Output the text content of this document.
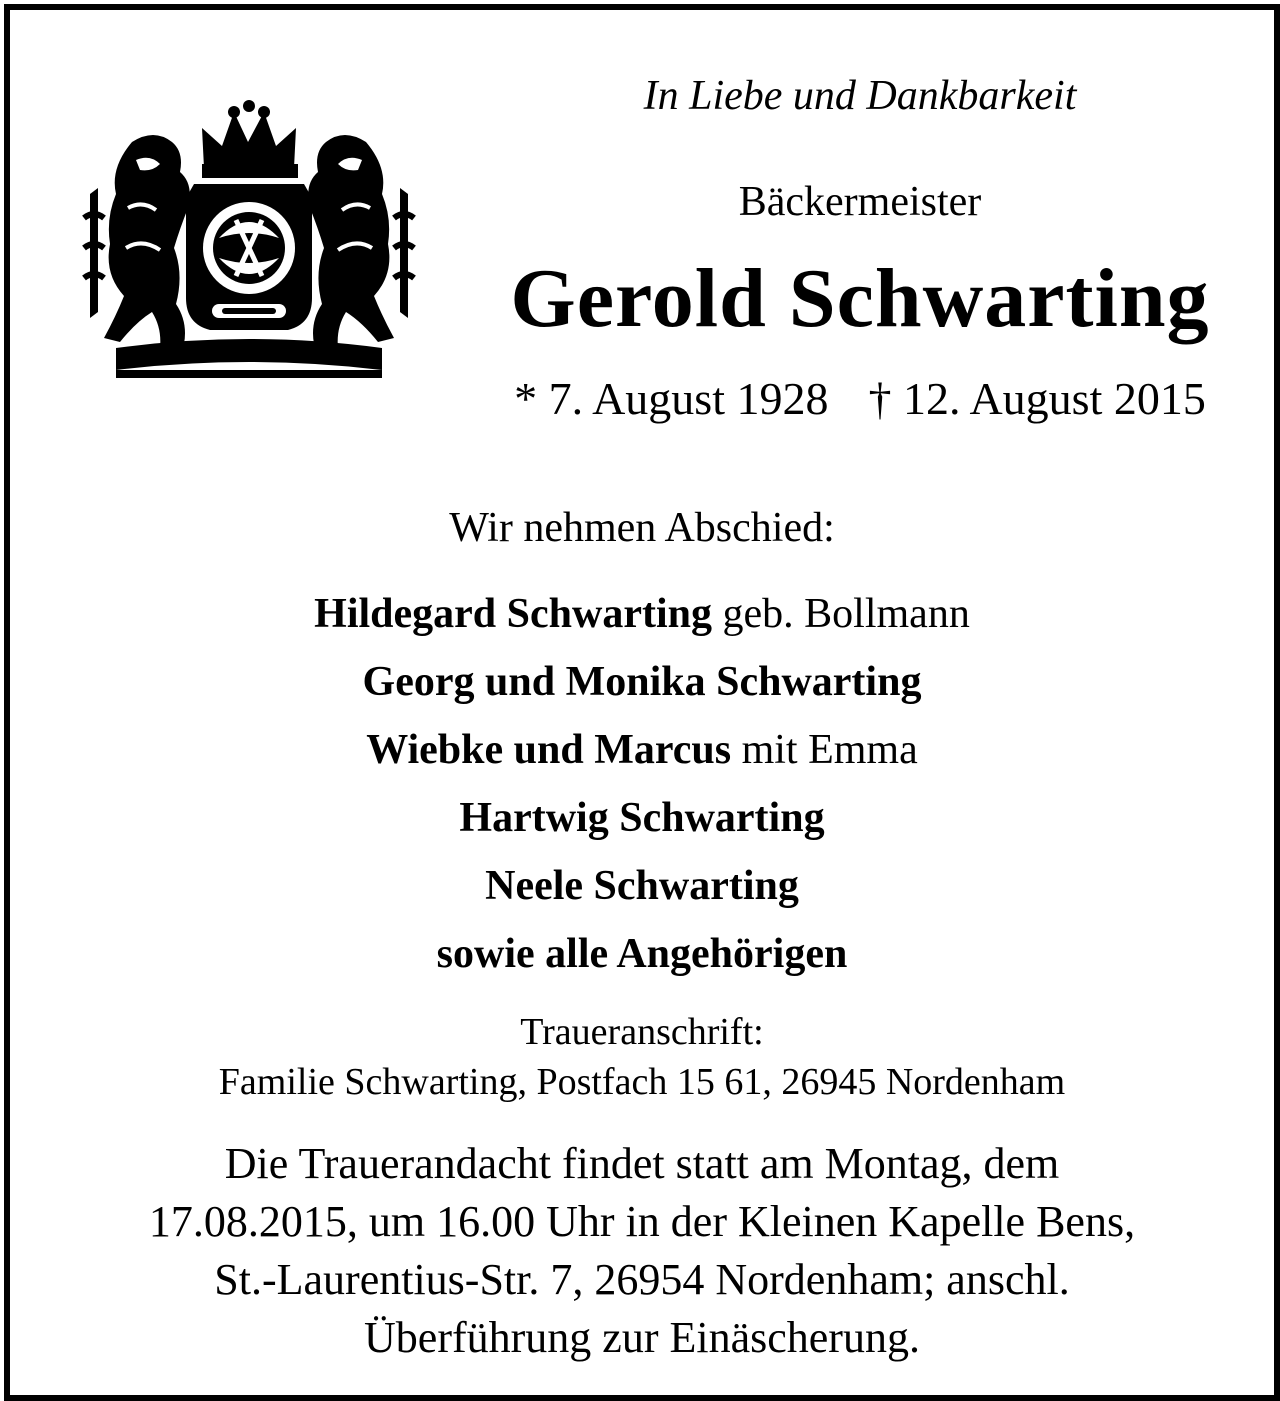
In Liebe und Dankbarkeit
Bäckermeister
Gerold Schwarting
* 7. August 1928 † 12. August 2015
Wir nehmen Abschied:
Hildegard Schwarting geb. Bollmann
Georg und Monika Schwarting
Wiebke und Marcus mit Emma
Hartwig Schwarting
Neele Schwarting
sowie alle Angehörigen
Traueranschrift:
Familie Schwarting, Postfach 15 61, 26945 Nordenham
Die Trauerandacht findet statt am Montag, dem
17.08.2015, um 16.00 Uhr in der Kleinen Kapelle Bens,
St.-Laurentius-Str. 7, 26954 Nordenham; anschl.
Überführung zur Einäscherung.
